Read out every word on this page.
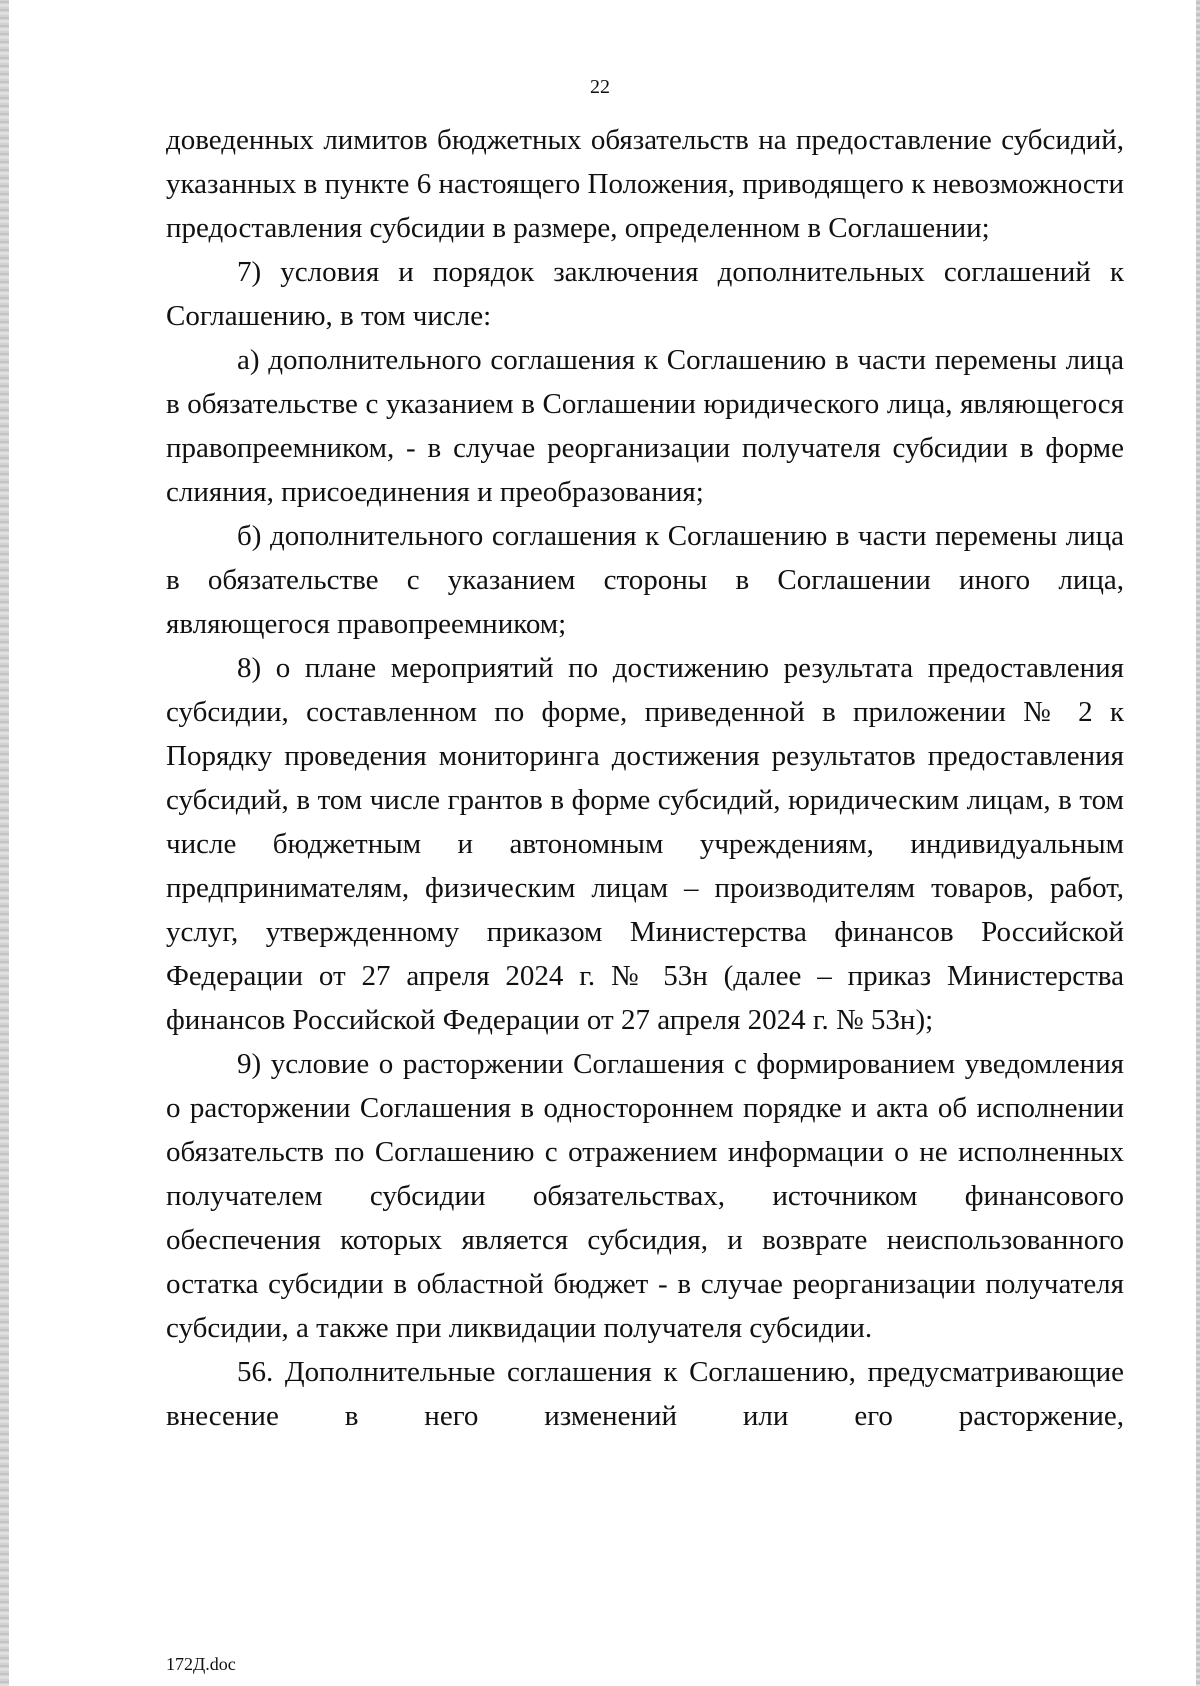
22

доведенных лимитов бюджетных обязательств на предоставление субсидий, указанных в пункте 6 настоящего Положения, приводящего к невозможности предоставления субсидии в размере, определенном в Соглашении;

7) условия и порядок заключения дополнительных соглашений к Соглашению, в том числе:

а) дополнительного соглашения к Соглашению в части перемены лица в обязательстве с указанием в Соглашении юридического лица, являющегося правопреемником, - в случае реорганизации получателя субсидии в форме слияния, присоединения и преобразования;

б) дополнительного соглашения к Соглашению в части перемены лица в обязательстве с указанием стороны в Соглашении иного лица, являющегося правопреемником;

8) о плане мероприятий по достижению результата предоставления субсидии, составленном по форме, приведенной в приложении № 2 к Порядку проведения мониторинга достижения результатов предоставления субсидий, в том числе грантов в форме субсидий, юридическим лицам, в том числе бюджетным и автономным учреждениям, индивидуальным предпринимателям, физическим лицам – производителям товаров, работ, услуг, утвержденному приказом Министерства финансов Российской Федерации от 27 апреля 2024 г. № 53н (далее – приказ Министерства финансов Российской Федерации от 27 апреля 2024 г. № 53н);

9) условие о расторжении Соглашения с формированием уведомления о расторжении Соглашения в одностороннем порядке и акта об исполнении обязательств по Соглашению с отражением информации о не исполненных получателем субсидии обязательствах, источником финансового обеспечения которых является субсидия, и возврате неиспользованного остатка субсидии в областной бюджет - в случае реорганизации получателя субсидии, а также при ликвидации получателя субсидии.

56. Дополнительные соглашения к Соглашению, предусматривающие внесение в него изменений или его расторжение,

172Д.doc
